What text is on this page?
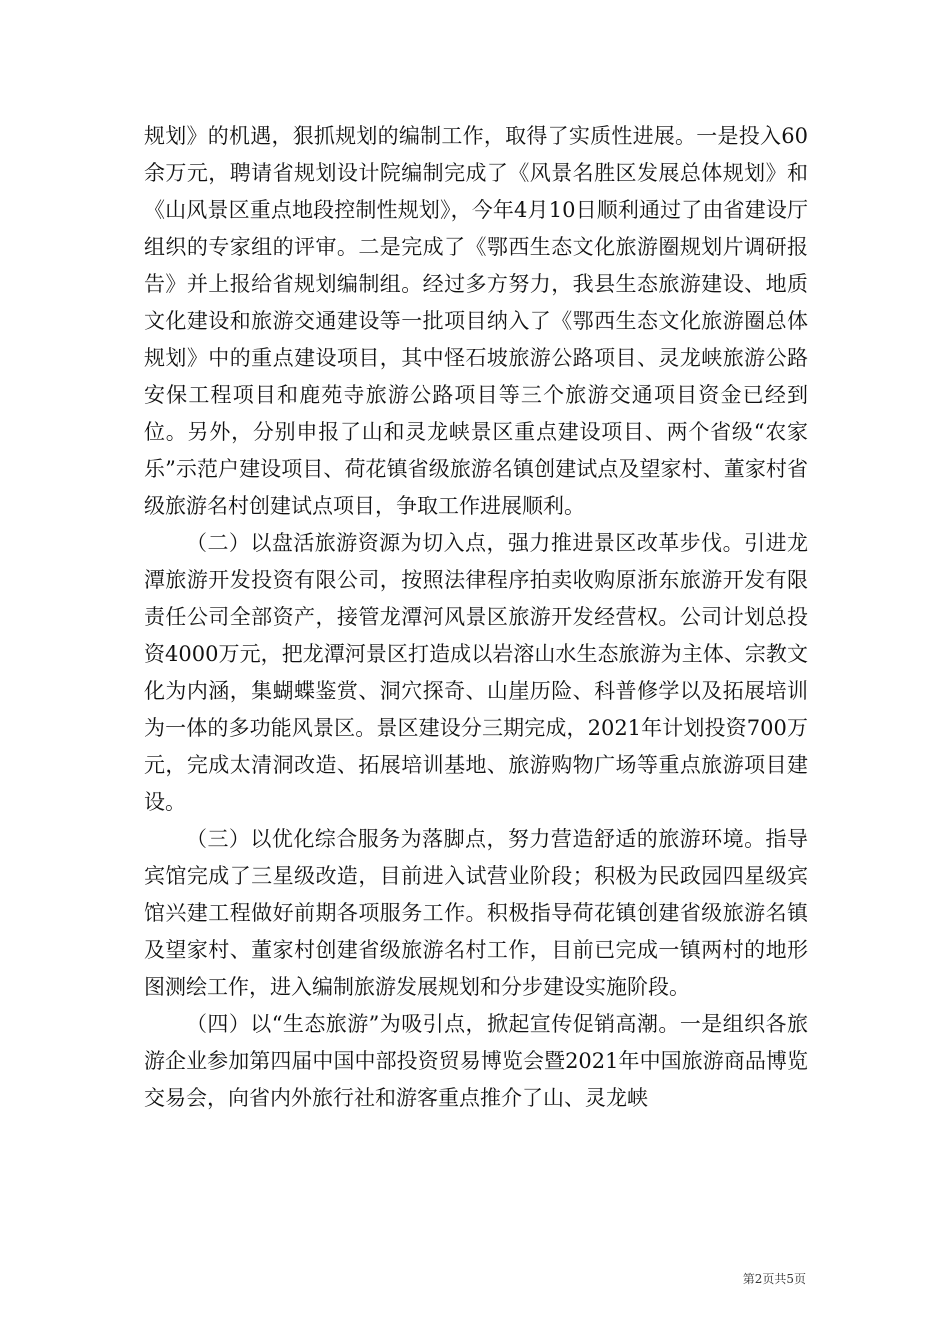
规划》的机遇，狠抓规划的编制工作，取得了实质性进展。一是投入60余万元，聘请省规划设计院编制完成了《风景名胜区发展总体规划》和《山风景区重点地段控制性规划》，今年4月10日顺利通过了由省建设厅组织的专家组的评审。二是完成了《鄂西生态文化旅游圈规划片调研报告》并上报给省规划编制组。经过多方努力，我县生态旅游建设、地质文化建设和旅游交通建设等一批项目纳入了《鄂西生态文化旅游圈总体规划》中的重点建设项目，其中怪石坡旅游公路项目、灵龙峡旅游公路安保工程项目和鹿苑寺旅游公路项目等三个旅游交通项目资金已经到位。另外，分别申报了山和灵龙峡景区重点建设项目、两个省级“农家乐”示范户建设项目、荷花镇省级旅游名镇创建试点及望家村、董家村省级旅游名村创建试点项目，争取工作进展顺利。

（二）以盘活旅游资源为切入点，强力推进景区改革步伐。引进龙潭旅游开发投资有限公司，按照法律程序拍卖收购原浙东旅游开发有限责任公司全部资产，接管龙潭河风景区旅游开发经营权。公司计划总投资4000万元，把龙潭河景区打造成以岩溶山水生态旅游为主体、宗教文化为内涵，集蝴蝶鉴赏、洞穴探奇、山崖历险、科普修学以及拓展培训为一体的多功能风景区。景区建设分三期完成，2021年计划投资700万元，完成太清洞改造、拓展培训基地、旅游购物广场等重点旅游项目建设。

（三）以优化综合服务为落脚点，努力营造舒适的旅游环境。指导宾馆完成了三星级改造，目前进入试营业阶段；积极为民政园四星级宾馆兴建工程做好前期各项服务工作。积极指导荷花镇创建省级旅游名镇及望家村、董家村创建省级旅游名村工作，目前已完成一镇两村的地形图测绘工作，进入编制旅游发展规划和分步建设实施阶段。

（四）以“生态旅游”为吸引点，掀起宣传促销高潮。一是组织各旅游企业参加第四届中国中部投资贸易博览会暨2021年中国旅游商品博览交易会，向省内外旅行社和游客重点推介了山、灵龙峡

第2页共5页
